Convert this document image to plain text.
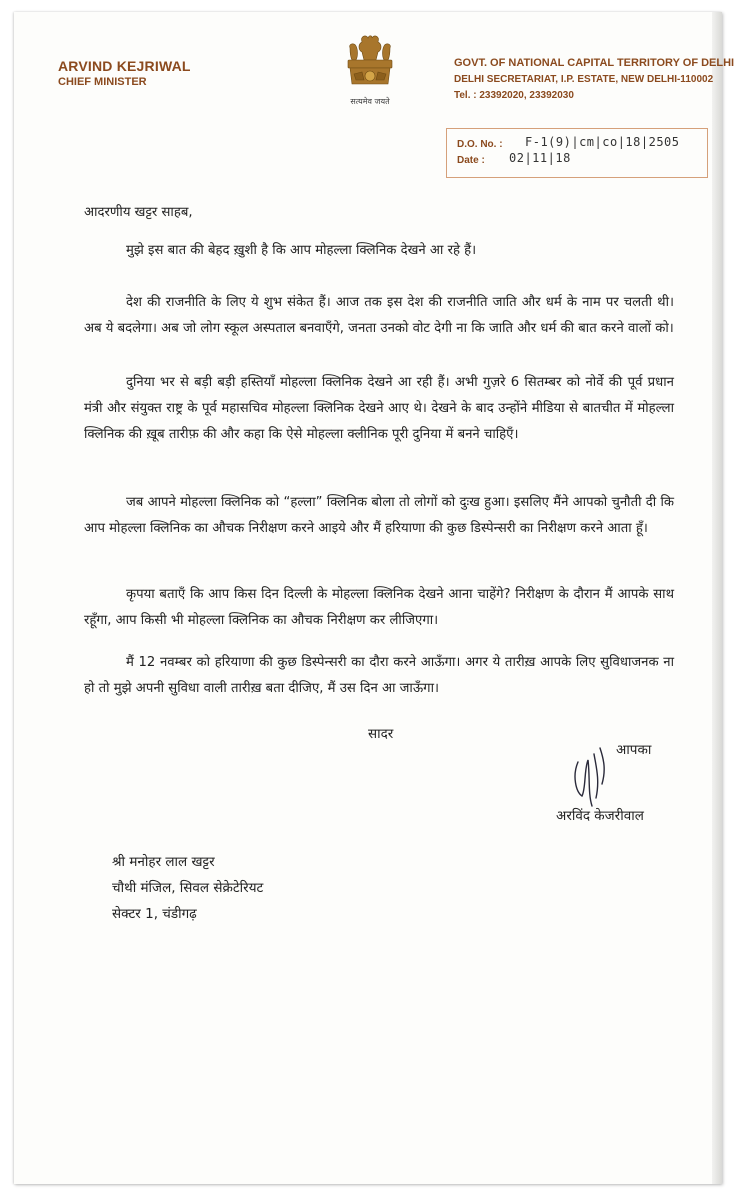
ARVIND KEJRIWAL
CHIEF MINISTER
सत्यमेव जयते
GOVT. OF NATIONAL CAPITAL TERRITORY OF DELHI
DELHI SECRETARIAT, I.P. ESTATE, NEW DELHI-110002
Tel. : 23392020, 23392030
D.O. No. : F-1(9)|cm|co|18|2505
Date : 02|11|18
आदरणीय खट्टर साहब,
मुझे इस बात की बेहद ख़ुशी है कि आप मोहल्ला क्लिनिक देखने आ रहे हैं।
देश की राजनीति के लिए ये शुभ संकेत हैं। आज तक इस देश की राजनीति जाति और धर्म के नाम पर चलती थी। अब ये बदलेगा। अब जो लोग स्कूल अस्पताल बनवाएँगे, जनता उनको वोट देगी ना कि जाति और धर्म की बात करने वालों को।
दुनिया भर से बड़ी बड़ी हस्तियाँ मोहल्ला क्लिनिक देखने आ रही हैं। अभी गुज़रे 6 सितम्बर को नोर्वे की पूर्व प्रधान मंत्री और संयुक्त राष्ट्र के पूर्व महासचिव मोहल्ला क्लिनिक देखने आए थे। देखने के बाद उन्होंने मीडिया से बातचीत में मोहल्ला क्लिनिक की ख़ूब तारीफ़ की और कहा कि ऐसे मोहल्ला क्लीनिक पूरी दुनिया में बनने चाहिएँ।
जब आपने मोहल्ला क्लिनिक को “हल्ला” क्लिनिक बोला तो लोगों को दुःख हुआ। इसलिए मैंने आपको चुनौती दी कि आप मोहल्ला क्लिनिक का औचक निरीक्षण करने आइये और मैं हरियाणा की कुछ डिस्पेन्सरी का निरीक्षण करने आता हूँ।
कृपया बताएँ कि आप किस दिन दिल्ली के मोहल्ला क्लिनिक देखने आना चाहेंगे? निरीक्षण के दौरान मैं आपके साथ रहूँगा, आप किसी भी मोहल्ला क्लिनिक का औचक निरीक्षण कर लीजिएगा।
मैं 12 नवम्बर को हरियाणा की कुछ डिस्पेन्सरी का दौरा करने आऊँगा। अगर ये तारीख़ आपके लिए सुविधाजनक ना हो तो मुझे अपनी सुविधा वाली तारीख़ बता दीजिए, मैं उस दिन आ जाऊँगा।
सादर
आपका
अरविंद केजरीवाल
श्री मनोहर लाल खट्टर
चौथी मंजिल, सिवल सेक्रेटेरियट
सेक्टर 1, चंडीगढ़
